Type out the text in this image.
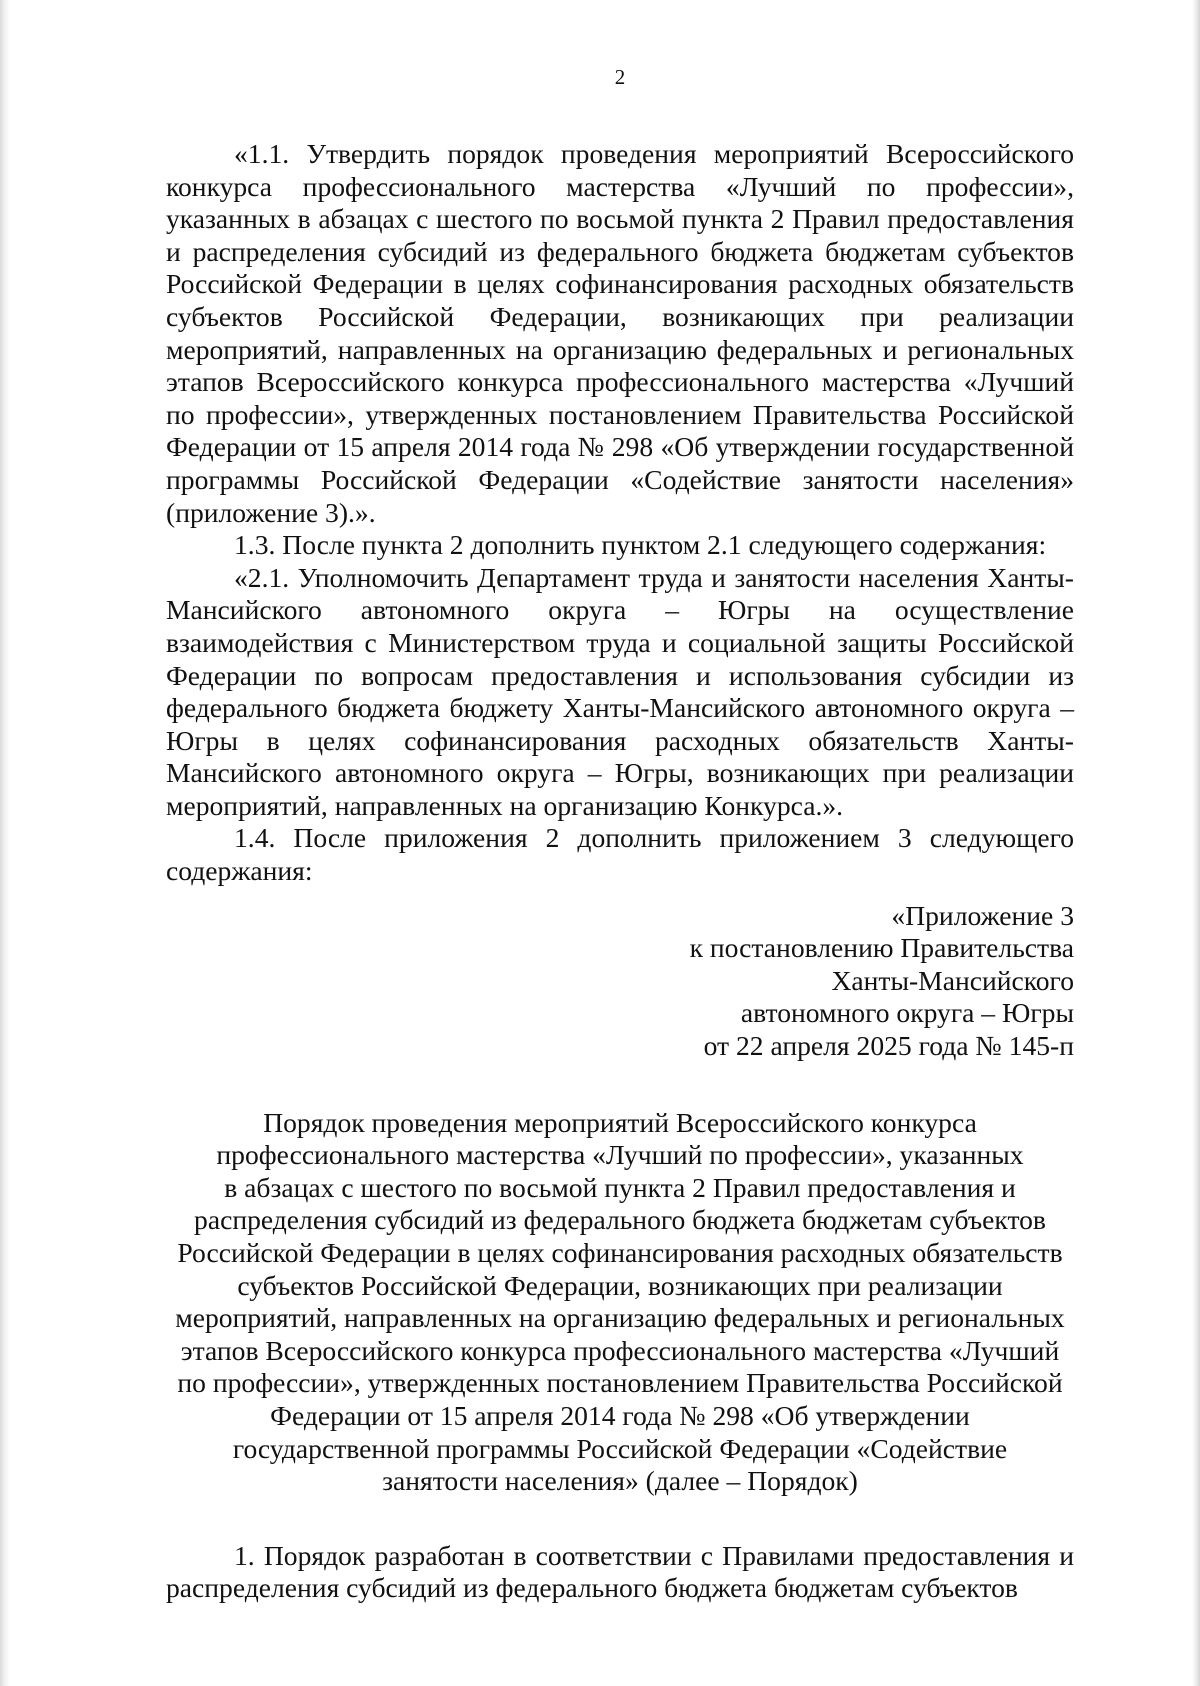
2

«1.1. Утвердить порядок проведения мероприятий Всероссийского конкурса профессионального мастерства «Лучший по профессии», указанных в абзацах с шестого по восьмой пункта 2 Правил предоставления и распределения субсидий из федерального бюджета бюджетам субъектов Российской Федерации в целях софинансирования расходных обязательств субъектов Российской Федерации, возникающих при реализации мероприятий, направленных на организацию федеральных и региональных этапов Всероссийского конкурса профессионального мастерства «Лучший по профессии», утвержденных постановлением Правительства Российской Федерации от 15 апреля 2014 года № 298 «Об утверждении государственной программы Российской Федерации «Содействие занятости населения» (приложение 3).».

1.3. После пункта 2 дополнить пунктом 2.1 следующего содержания:

«2.1. Уполномочить Департамент труда и занятости населения Ханты-Мансийского автономного округа – Югры на осуществление взаимодействия с Министерством труда и социальной защиты Российской Федерации по вопросам предоставления и использования субсидии из федерального бюджета бюджету Ханты-Мансийского автономного округа – Югры в целях софинансирования расходных обязательств Ханты-Мансийского автономного округа – Югры, возникающих при реализации мероприятий, направленных на организацию Конкурса.».

1.4. После приложения 2 дополнить приложением 3 следующего содержания:

«Приложение 3
к постановлению Правительства
Ханты-Мансийского
автономного округа – Югры
от 22 апреля 2025 года № 145-п
Порядок проведения мероприятий Всероссийского конкурса
профессионального мастерства «Лучший по профессии», указанных
в абзацах с шестого по восьмой пункта 2 Правил предоставления и
распределения субсидий из федерального бюджета бюджетам субъектов
Российской Федерации в целях софинансирования расходных обязательств
субъектов Российской Федерации, возникающих при реализации
мероприятий, направленных на организацию федеральных и региональных
этапов Всероссийского конкурса профессионального мастерства «Лучший
по профессии», утвержденных постановлением Правительства Российской
Федерации от 15 апреля 2014 года № 298 «Об утверждении
государственной программы Российской Федерации «Содействие
занятости населения» (далее – Порядок)

1. Порядок разработан в соответствии с Правилами предоставления и распределения субсидий из федерального бюджета бюджетам субъектов
